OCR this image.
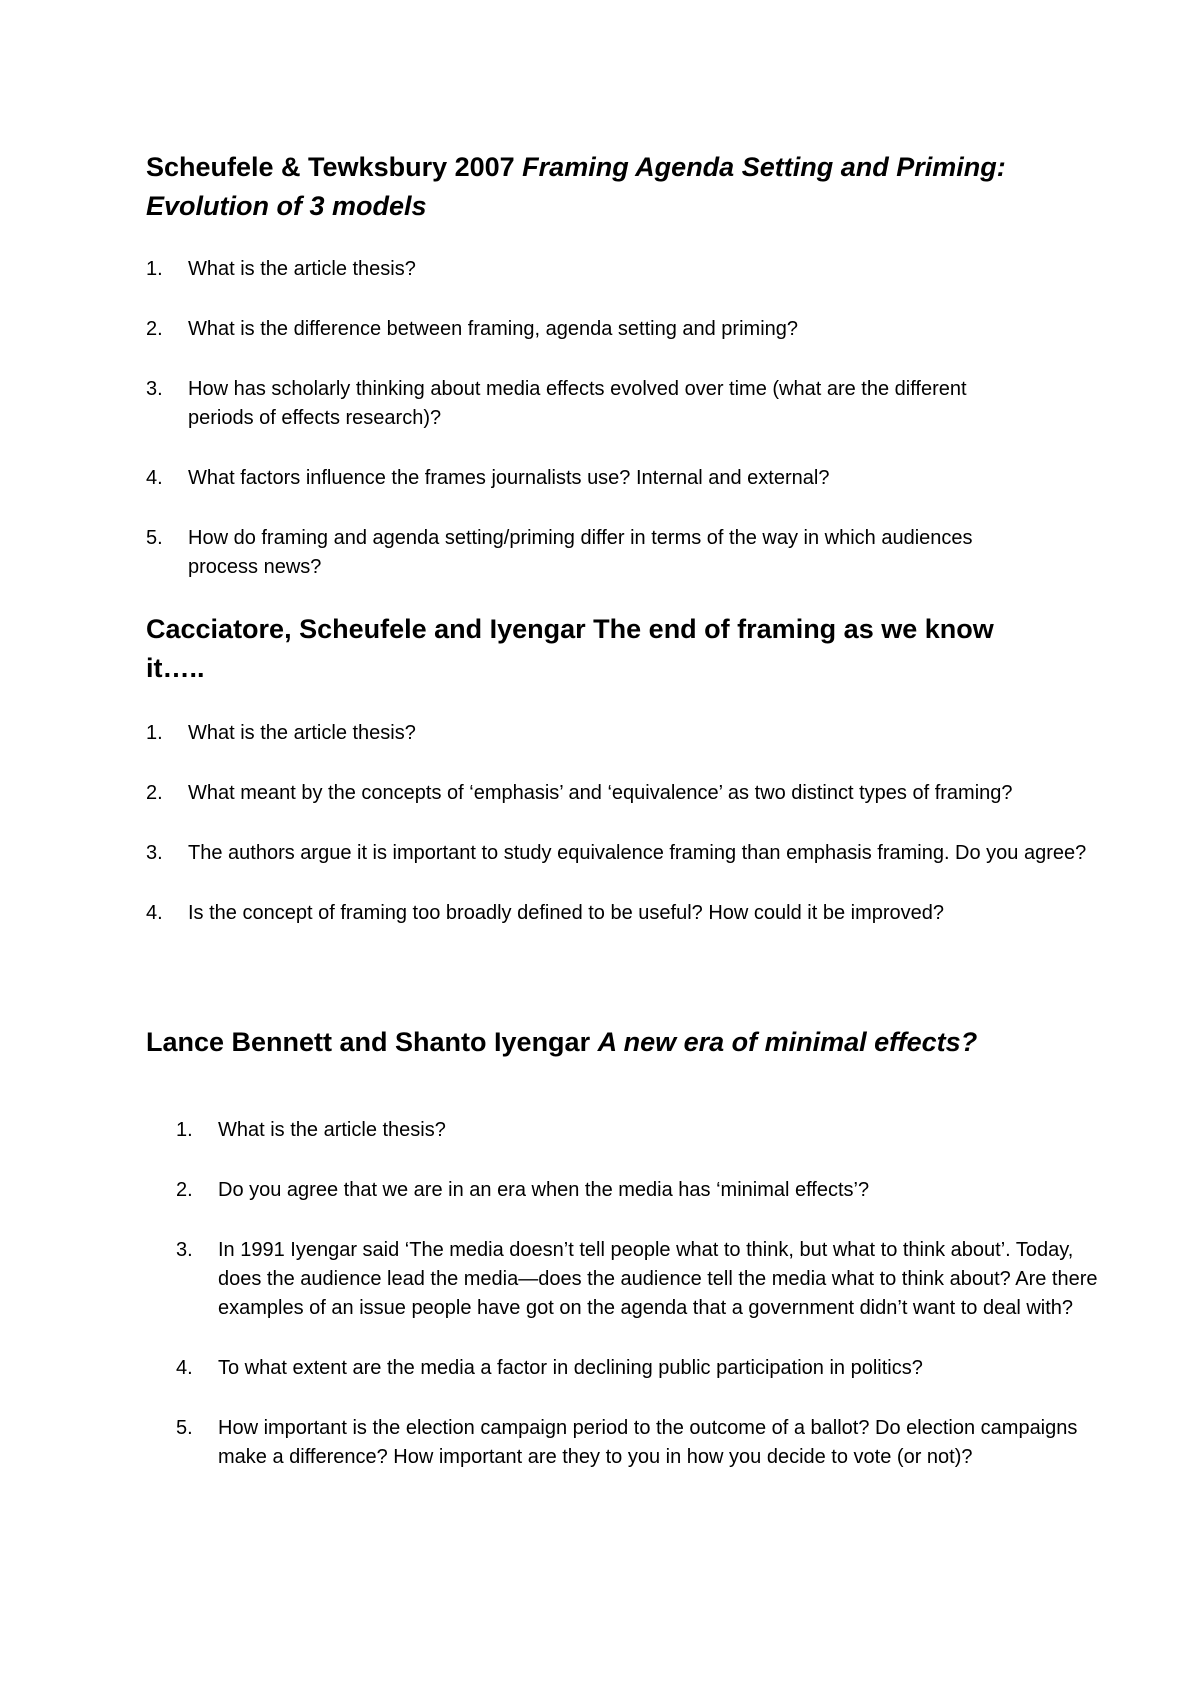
Scheufele & Tewksbury 2007 Framing Agenda Setting and Priming: Evolution of 3 models
1.	What is the article thesis?
2.	What is the difference between framing, agenda setting and priming?
3.	How has scholarly thinking about media effects evolved over time (what are the different periods of effects research)?
4.	What factors influence the frames journalists use? Internal and external?
5.	How do framing and agenda setting/priming differ in terms of the way in which audiences process news?
Cacciatore, Scheufele and Iyengar The end of framing as we know it…..
1.	What is the article thesis?
2.	What meant by the concepts of ‘emphasis’ and ‘equivalence’ as two distinct types of framing?
3.	The authors argue it is important to study equivalence framing than emphasis framing. Do you agree?
4.	Is the concept of framing too broadly defined to be useful? How could it be improved?
Lance Bennett and Shanto Iyengar A new era of minimal effects?
1.	What is the article thesis?
2.	Do you agree that we are in an era when the media has ‘minimal effects’?
3.	In 1991 Iyengar said ‘The media doesn’t tell people what to think, but what to think about’. Today, does the audience lead the media—does the audience tell the media what to think about? Are there examples of an issue people have got on the agenda that a government didn’t want to deal with?
4.	To what extent are the media a factor in declining public participation in politics?
5.	How important is the election campaign period to the outcome of a ballot? Do election campaigns make a difference? How important are they to you in how you decide to vote (or not)?
